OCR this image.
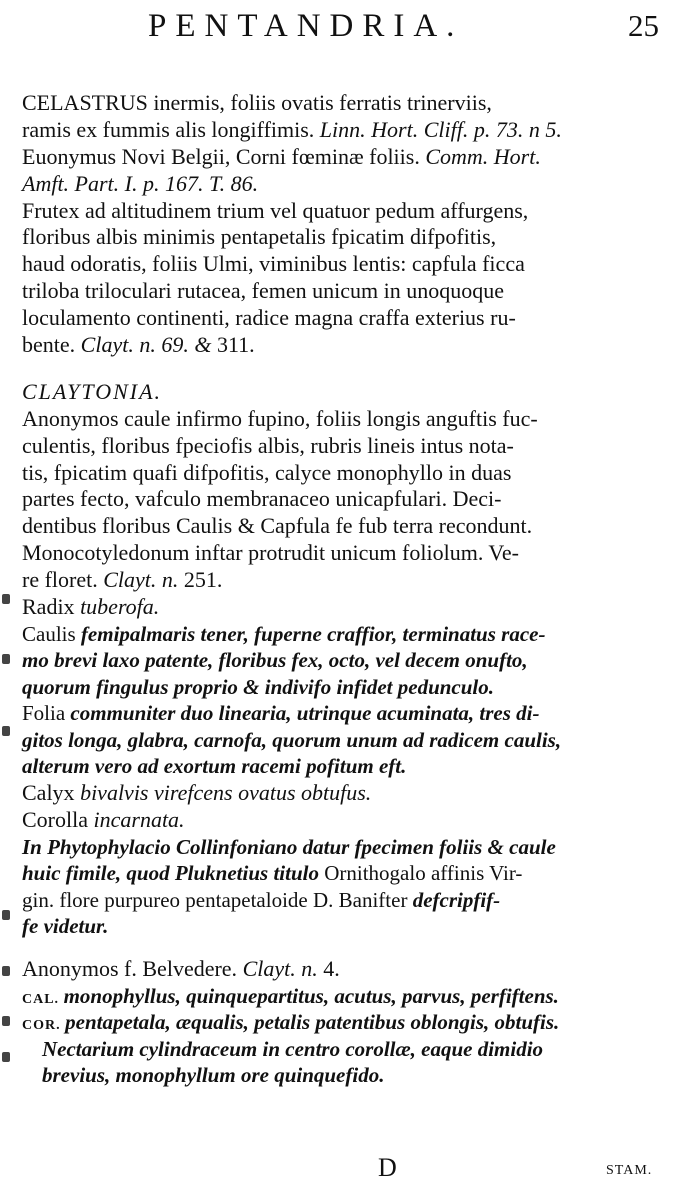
PENTANDRIA.	25
CELASTRUS inermis, foliis ovatis ferratis trinerviis,
ramis ex fummis alis longiffimis. Linn. Hort. Cliff. p. 73. n 5.
Euonymus Novi Belgii, Corni fœminæ foliis. Comm. Hort.
Amft. Part. I. p. 167. T. 86.
Frutex ad altitudinem trium vel quatuor pedum affurgens,
floribus albis minimis pentapetalis fpicatim difpofitis,
haud odoratis, foliis Ulmi, viminibus lentis: capfula ficca
triloba triloculari rutacea, femen unicum in unoquoque
loculamento continenti, radice magna craffa exterius ru-
bente. Clayt. n. 69. & 311.
CLAYTONIA.
Anonymos caule infirmo fupino, foliis longis anguftis fuc-
culentis, floribus fpeciofis albis, rubris lineis intus nota-
tis, fpicatim quafi difpofitis, calyce monophyllo in duas
partes fecto, vafculo membranaceo unicapfulari. Deci-
dentibus floribus Caulis & Capfula fe fub terra recondunt.
Monocotyledonum inftar protrudit unicum foliolum. Ve-
re floret. Clayt. n. 251.
Radix tuberofa.
Caulis femipalmaris tener, fuperne craffior, terminatus race-
mo brevi laxo patente, floribus fex, octo, vel decem onufto,
quorum fingulus proprio & indivifo infidet pedunculo.
Folia communiter duo linearia, utrinque acuminata, tres di-
gitos longa, glabra, carnofa, quorum unum ad radicem caulis,
alterum vero ad exortum racemi pofitum eft.
Calyx bivalvis virefcens ovatus obtufus.
Corolla incarnata.
In Phytophylacio Collinfoniano datur fpecimen foliis & caule
huic fimile, quod Pluknetius titulo Ornithogalo affinis Vir-
gin. flore purpureo pentapetaloide D. Banifter defcripfif-
fe videtur.
Anonymos f. Belvedere. Clayt. n. 4.
CAL. monophyllus, quinquepartitus, acutus, parvus, perfiftens.
COR. pentapetala, æqualis, petalis patentibus oblongis, obtufis.
Nectarium cylindraceum in centro corollæ, eaque dimidio
brevius, monophyllum ore quinquefido.
D	STAM.
